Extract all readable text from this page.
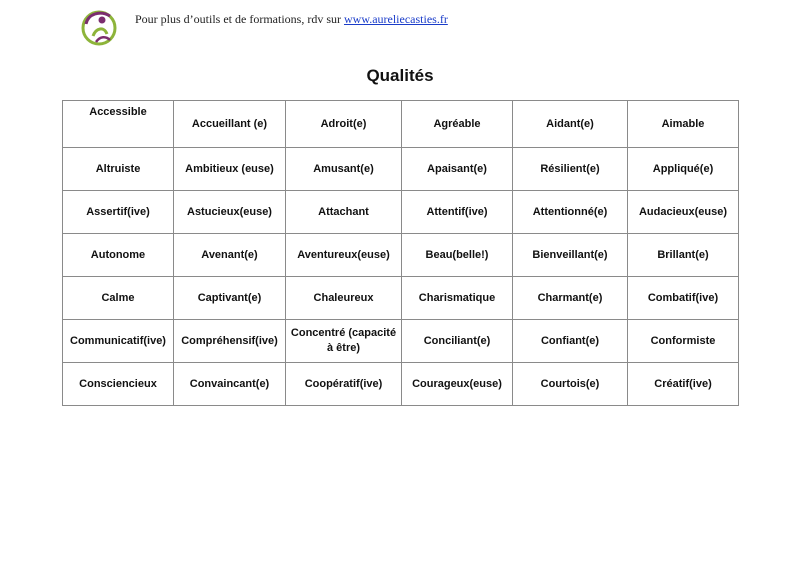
Pour plus d’outils et de formations, rdv sur www.aureliecasties.fr
Qualités
Accessible	Accueillant (e)	Adroit(e)	Agréable	Aidant(e)	Aimable
Altruiste	Ambitieux (euse)	Amusant(e)	Apaisant(e)	Résilient(e)	Appliqué(e)
Assertif(ive)	Astucieux(euse)	Attachant	Attentif(ive)	Attentionné(e)	Audacieux(euse)
Autonome	Avenant(e)	Aventureux(euse)	Beau(belle!)	Bienveillant(e)	Brillant(e)
Calme	Captivant(e)	Chaleureux	Charismatique	Charmant(e)	Combatif(ive)
Communicatif(ive)	Compréhensif(ive)	Concentré (capacité à être)	Conciliant(e)	Confiant(e)	Conformiste
Consciencieux	Convaincant(e)	Coopératif(ive)	Courageux(euse)	Courtois(e)	Créatif(ive)
